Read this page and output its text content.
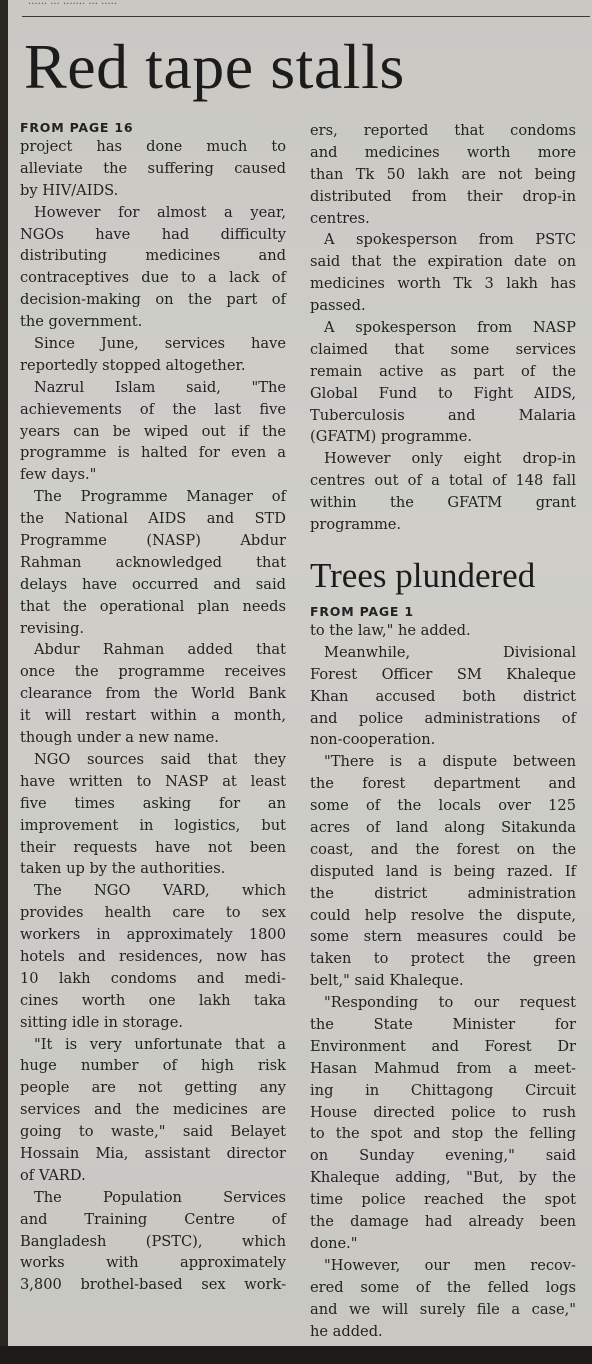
······ ··· ······· ··· ·····
Red tape stalls
FROM PAGE 16
project has done much to
alleviate the suffering caused
by HIV/AIDS.
However for almost a year,
NGOs have had difficulty
distributing medicines and
contraceptives due to a lack of
decision-making on the part of
the government.
Since June, services have
reportedly stopped altogether.
Nazrul Islam said, "The
achievements of the last five
years can be wiped out if the
programme is halted for even a
few days."
The Programme Manager of
the National AIDS and STD
Programme (NASP) Abdur
Rahman acknowledged that
delays have occurred and said
that the operational plan needs
revising.
Abdur Rahman added that
once the programme receives
clearance from the World Bank
it will restart within a month,
though under a new name.
NGO sources said that they
have written to NASP at least
five times asking for an
improvement in logistics, but
their requests have not been
taken up by the authorities.
The NGO VARD, which
provides health care to sex
workers in approximately 1800
hotels and residences, now has
10 lakh condoms and medi-
cines worth one lakh taka
sitting idle in storage.
"It is very unfortunate that a
huge number of high risk
people are not getting any
services and the medicines are
going to waste," said Belayet
Hossain Mia, assistant director
of VARD.
The Population Services
and Training Centre of
Bangladesh (PSTC), which
works with approximately
3,800 brothel-based sex work-
ers, reported that condoms
and medicines worth more
than Tk 50 lakh are not being
distributed from their drop-in
centres.
A spokesperson from PSTC
said that the expiration date on
medicines worth Tk 3 lakh has
passed.
A spokesperson from NASP
claimed that some services
remain active as part of the
Global Fund to Fight AIDS,
Tuberculosis and Malaria
(GFATM) programme.
However only eight drop-in
centres out of a total of 148 fall
within the GFATM grant
programme.
Trees plundered
FROM PAGE 1
to the law," he added.
Meanwhile, Divisional
Forest Officer SM Khaleque
Khan accused both district
and police administrations of
non-cooperation.
"There is a dispute between
the forest department and
some of the locals over 125
acres of land along Sitakunda
coast, and the forest on the
disputed land is being razed. If
the district administration
could help resolve the dispute,
some stern measures could be
taken to protect the green
belt," said Khaleque.
"Responding to our request
the State Minister for
Environment and Forest Dr
Hasan Mahmud from a meet-
ing in Chittagong Circuit
House directed police to rush
to the spot and stop the felling
on Sunday evening," said
Khaleque adding, "But, by the
time police reached the spot
the damage had already been
done."
"However, our men recov-
ered some of the felled logs
and we will surely file a case,"
he added.
